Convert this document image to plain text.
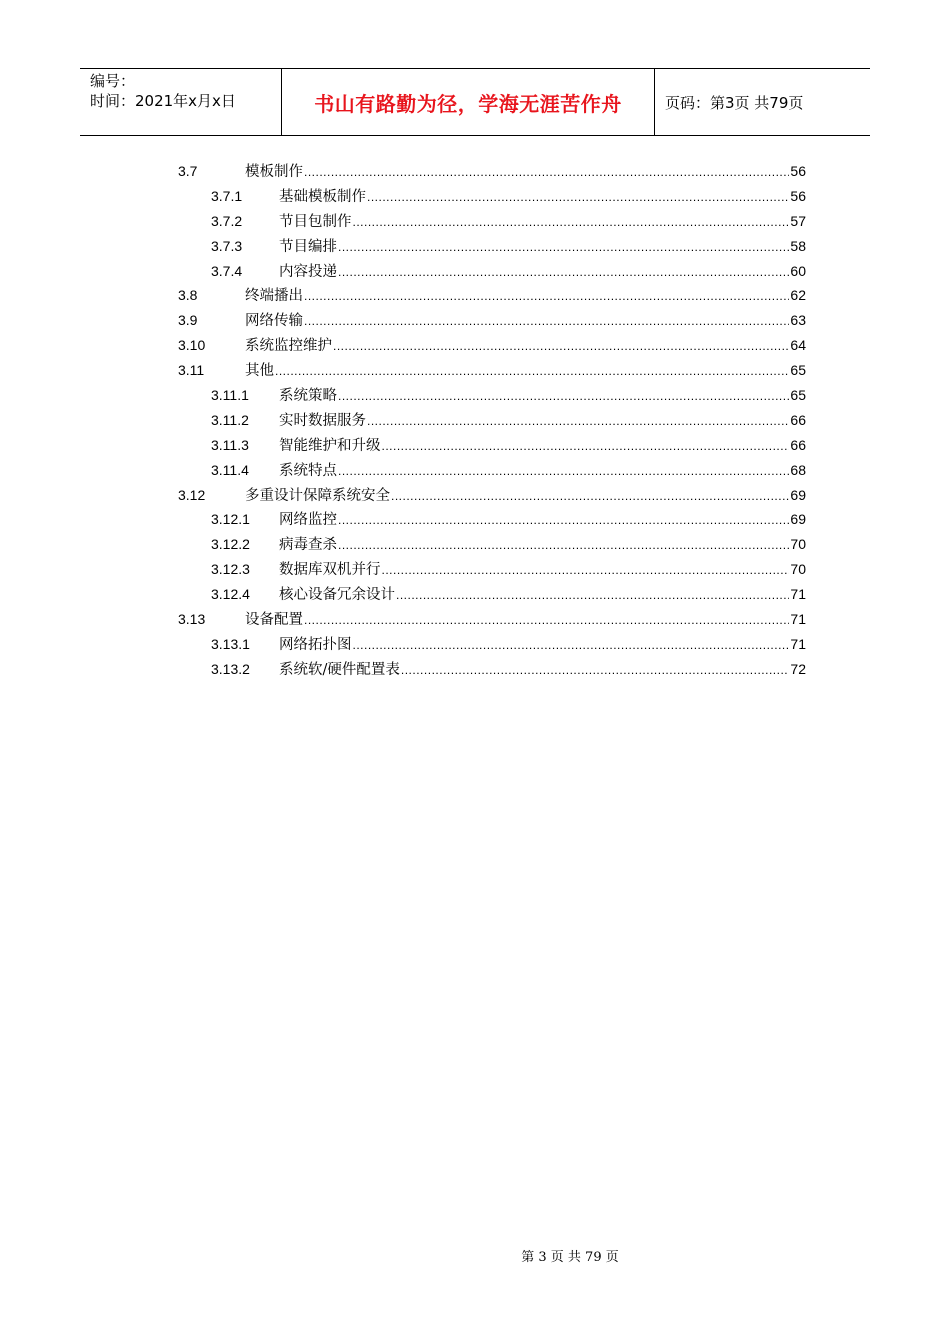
编号：
时间：2021年x月x日	书山有路勤为径，学海无涯苦作舟	页码：第3页 共79页
3.7	模板制作 .....	56
3.7.1	基础模板制作 .....	56
3.7.2	节目包制作 .....	57
3.7.3	节目编排 .....	58
3.7.4	内容投递 .....	60
3.8	终端播出 .....	62
3.9	网络传输 .....	63
3.10	系统监控维护 .....	64
3.11	其他 .....	65
3.11.1	系统策略 .....	65
3.11.2	实时数据服务 .....	66
3.11.3	智能维护和升级 .....	66
3.11.4	系统特点 .....	68
3.12	多重设计保障系统安全 .....	69
3.12.1	网络监控 .....	69
3.12.2	病毒查杀 .....	70
3.12.3	数据库双机并行 .....	70
3.12.4	核心设备冗余设计 .....	71
3.13	设备配置 .....	71
3.13.1	网络拓扑图 .....	71
3.13.2	系统软/硬件配置表 .....	72
第 3 页 共 79 页
